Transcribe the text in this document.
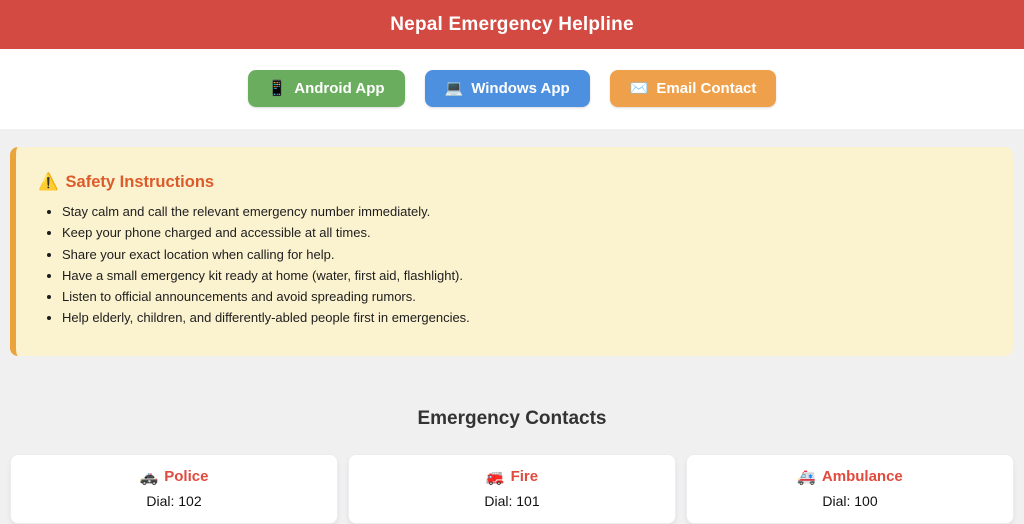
Nepal Emergency Helpline
📱 Android App	💻 Windows App	✉️ Email Contact
⚠️ Safety Instructions
• Stay calm and call the relevant emergency number immediately.
• Keep your phone charged and accessible at all times.
• Share your exact location when calling for help.
• Have a small emergency kit ready at home (water, first aid, flashlight).
• Listen to official announcements and avoid spreading rumors.
• Help elderly, children, and differently-abled people first in emergencies.
Emergency Contacts
🚓 Police
Dial: 102
🚒 Fire
Dial: 101
🚑 Ambulance
Dial: 100
